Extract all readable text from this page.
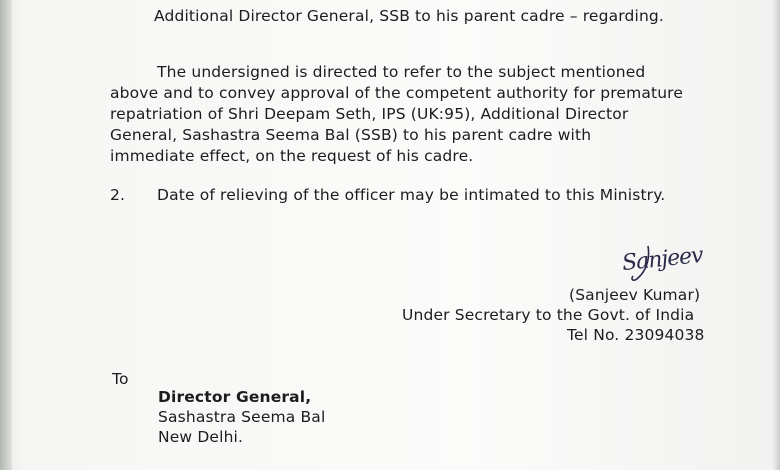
Additional Director General, SSB to his parent cadre – regarding.
The undersigned is directed to refer to the subject mentioned
above and to convey approval of the competent authority for premature
repatriation of Shri Deepam Seth, IPS (UK:95), Additional Director
General, Sashastra Seema Bal (SSB) to his parent cadre with
immediate effect, on the request of his cadre.
2. Date of relieving of the officer may be intimated to this Ministry.
Sanjeev
(Sanjeev Kumar)
Under Secretary to the Govt. of India
Tel No. 23094038
To
Director General,
Sashastra Seema Bal
New Delhi.
